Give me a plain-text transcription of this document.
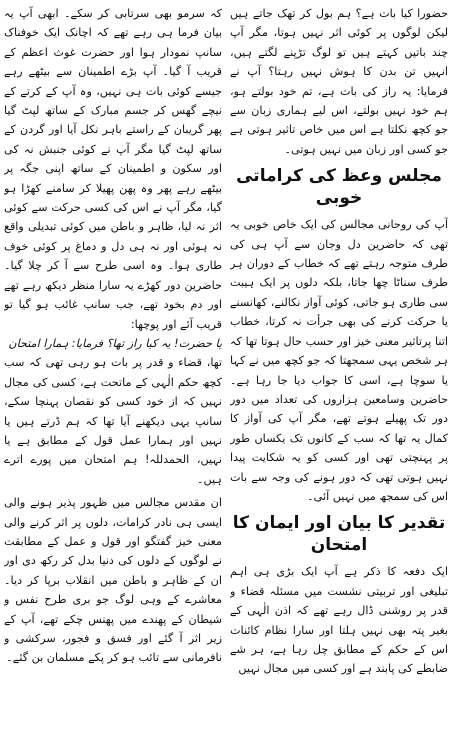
حضورا کیا بات ہے؟ ہم بول کر تھک جاتے ہیں لیکن لوگوں پر کوئی اثر نہیں ہوتا، مگر آپ چند باتیں کہتے ہیں تو لوگ تڑپنے لگتے ہیں، انہیں تن بدن کا ہوش نہیں رہتا؟ آپ نے فرمایا: یہ راز کی بات ہے، تم خود بولتے ہو، ہم خود نہیں بولتے، اس لیے ہماری زبان سے جو کچھ نکلتا ہے اس میں خاص تاثیر ہوتی ہے جو کسی اور زبان میں نہیں ہوتی۔

مجلس وعظ کی کراماتی خوبی

آپ کی روحانی مجالس کی ایک خاص خوبی یہ تھی کہ حاضرین دل وجان سے آپ ہی کی طرف متوجہ رہتے تھے کہ خطاب کے دوران ہر طرف سناٹا چھا جاتا، بلکہ دلوں پر ایک ہیبت سی طاری ہو جاتی، کوئی آواز نکالنے، کھانسنے یا حرکت کرنے کی بھی جرأت نہ کرتا، خطاب اتنا پرتاثیر معنی خیز اور حسب حال ہوتا تھا کہ ہر شخص یہی سمجھتا کہ جو کچھ میں نے کہا یا سوچا ہے، اسی کا جواب دیا جا رہا ہے۔ حاضرین وسامعین ہزاروں کی تعداد میں دور دور تک پھیلے ہوتے تھے، مگر آپ کی آواز کا کمال یہ تھا کہ سب کے کانوں تک یکساں طور پر پہنچتی تھی اور کسی کو یہ شکایت پیدا نہیں ہوتی تھی کہ دور ہونے کی وجہ سے بات اس کی سمجھ میں نہیں آئی۔

تقدیر کا بیان اور ایمان کا امتحان

ایک دفعہ کا ذکر ہے آپ ایک بڑی ہی اہم تبلیغی اور تربیتی نشست میں مسئلہ قضاء و قدر پر روشنی ڈال رہے تھے کہ اذن الٰہی کے بغیر پتہ بھی نہیں ہلتا اور سارا نظام کائنات اس کے حکم کے مطابق چل رہا ہے، ہر شے ضابطے کی پابند ہے اور کسی میں مجال نہیں

کہ سرمو بھی سرتابی کر سکے۔ ابھی آپ یہ بیان فرما ہی رہے تھے کہ اچانک ایک خوفناک سانپ نمودار ہوا اور حضرت غوث اعظم کے قریب آ گیا۔ آپ بڑے اطمینان سے بیٹھے رہے جیسے کوئی بات ہی نہیں، وہ آپ کے کرتے کے نیچے گھس کر جسم مبارک کے ساتھ لپٹ گیا پھر گریبان کے راستے باہر نکل آیا اور گردن کے ساتھ لپٹ گیا مگر آپ نے کوئی جنبش نہ کی اور سکون و اطمینان کے ساتھ اپنی جگہ پر بیٹھے رہے پھر وہ پھن پھیلا کر سامنے کھڑا ہو گیا، مگر آپ نے اس کی کسی حرکت سے کوئی اثر نہ لیا، ظاہر و باطن میں کوئی تبدیلی واقع نہ ہوئی اور نہ ہی دل و دماغ پر کوئی خوف طاری ہوا۔ وہ اسی طرح سے آ کر چلا گیا۔ حاضرین دور کھڑے یہ سارا منظر دیکھ رہے تھے اور دم بخود تھے، جب سانپ غائب ہو گیا تو قریب آئے اور پوچھا:

یا حضرت! یہ کیا راز تھا؟ فرمایا: ہمارا امتحان

تھا، قضاء و قدر پر بات ہو رہی تھی کہ سب کچھ حکم الٰہی کے ماتحت ہے، کسی کی مجال نہیں کہ از خود کسی کو نقصان پہنچا سکے، سانپ یہی دیکھنے آیا تھا کہ ہم ڈرتے ہیں یا نہیں اور ہمارا عمل قول کے مطابق ہے یا نہیں، الحمدللہ! ہم امتحان میں پورے اترے ہیں۔

ان مقدس مجالس میں ظہور پذیر ہونے والی ایسی ہی نادر کرامات، دلوں پر اثر کرنے والی معنی خیز گفتگو اور قول و عمل کے مطابقت نے لوگوں کے دلوں کی دنیا بدل کر رکھ دی اور ان کے ظاہر و باطن میں انقلاب برپا کر دیا۔ معاشرے کے وہی لوگ جو بری طرح نفس و شیطان کے پھندے میں پھنس چکے تھے، آپ کے زیر اثر آ گئے اور فسق و فجور، سرکشی و نافرمانی سے تائب ہو کر پکے مسلمان بن گئے۔
